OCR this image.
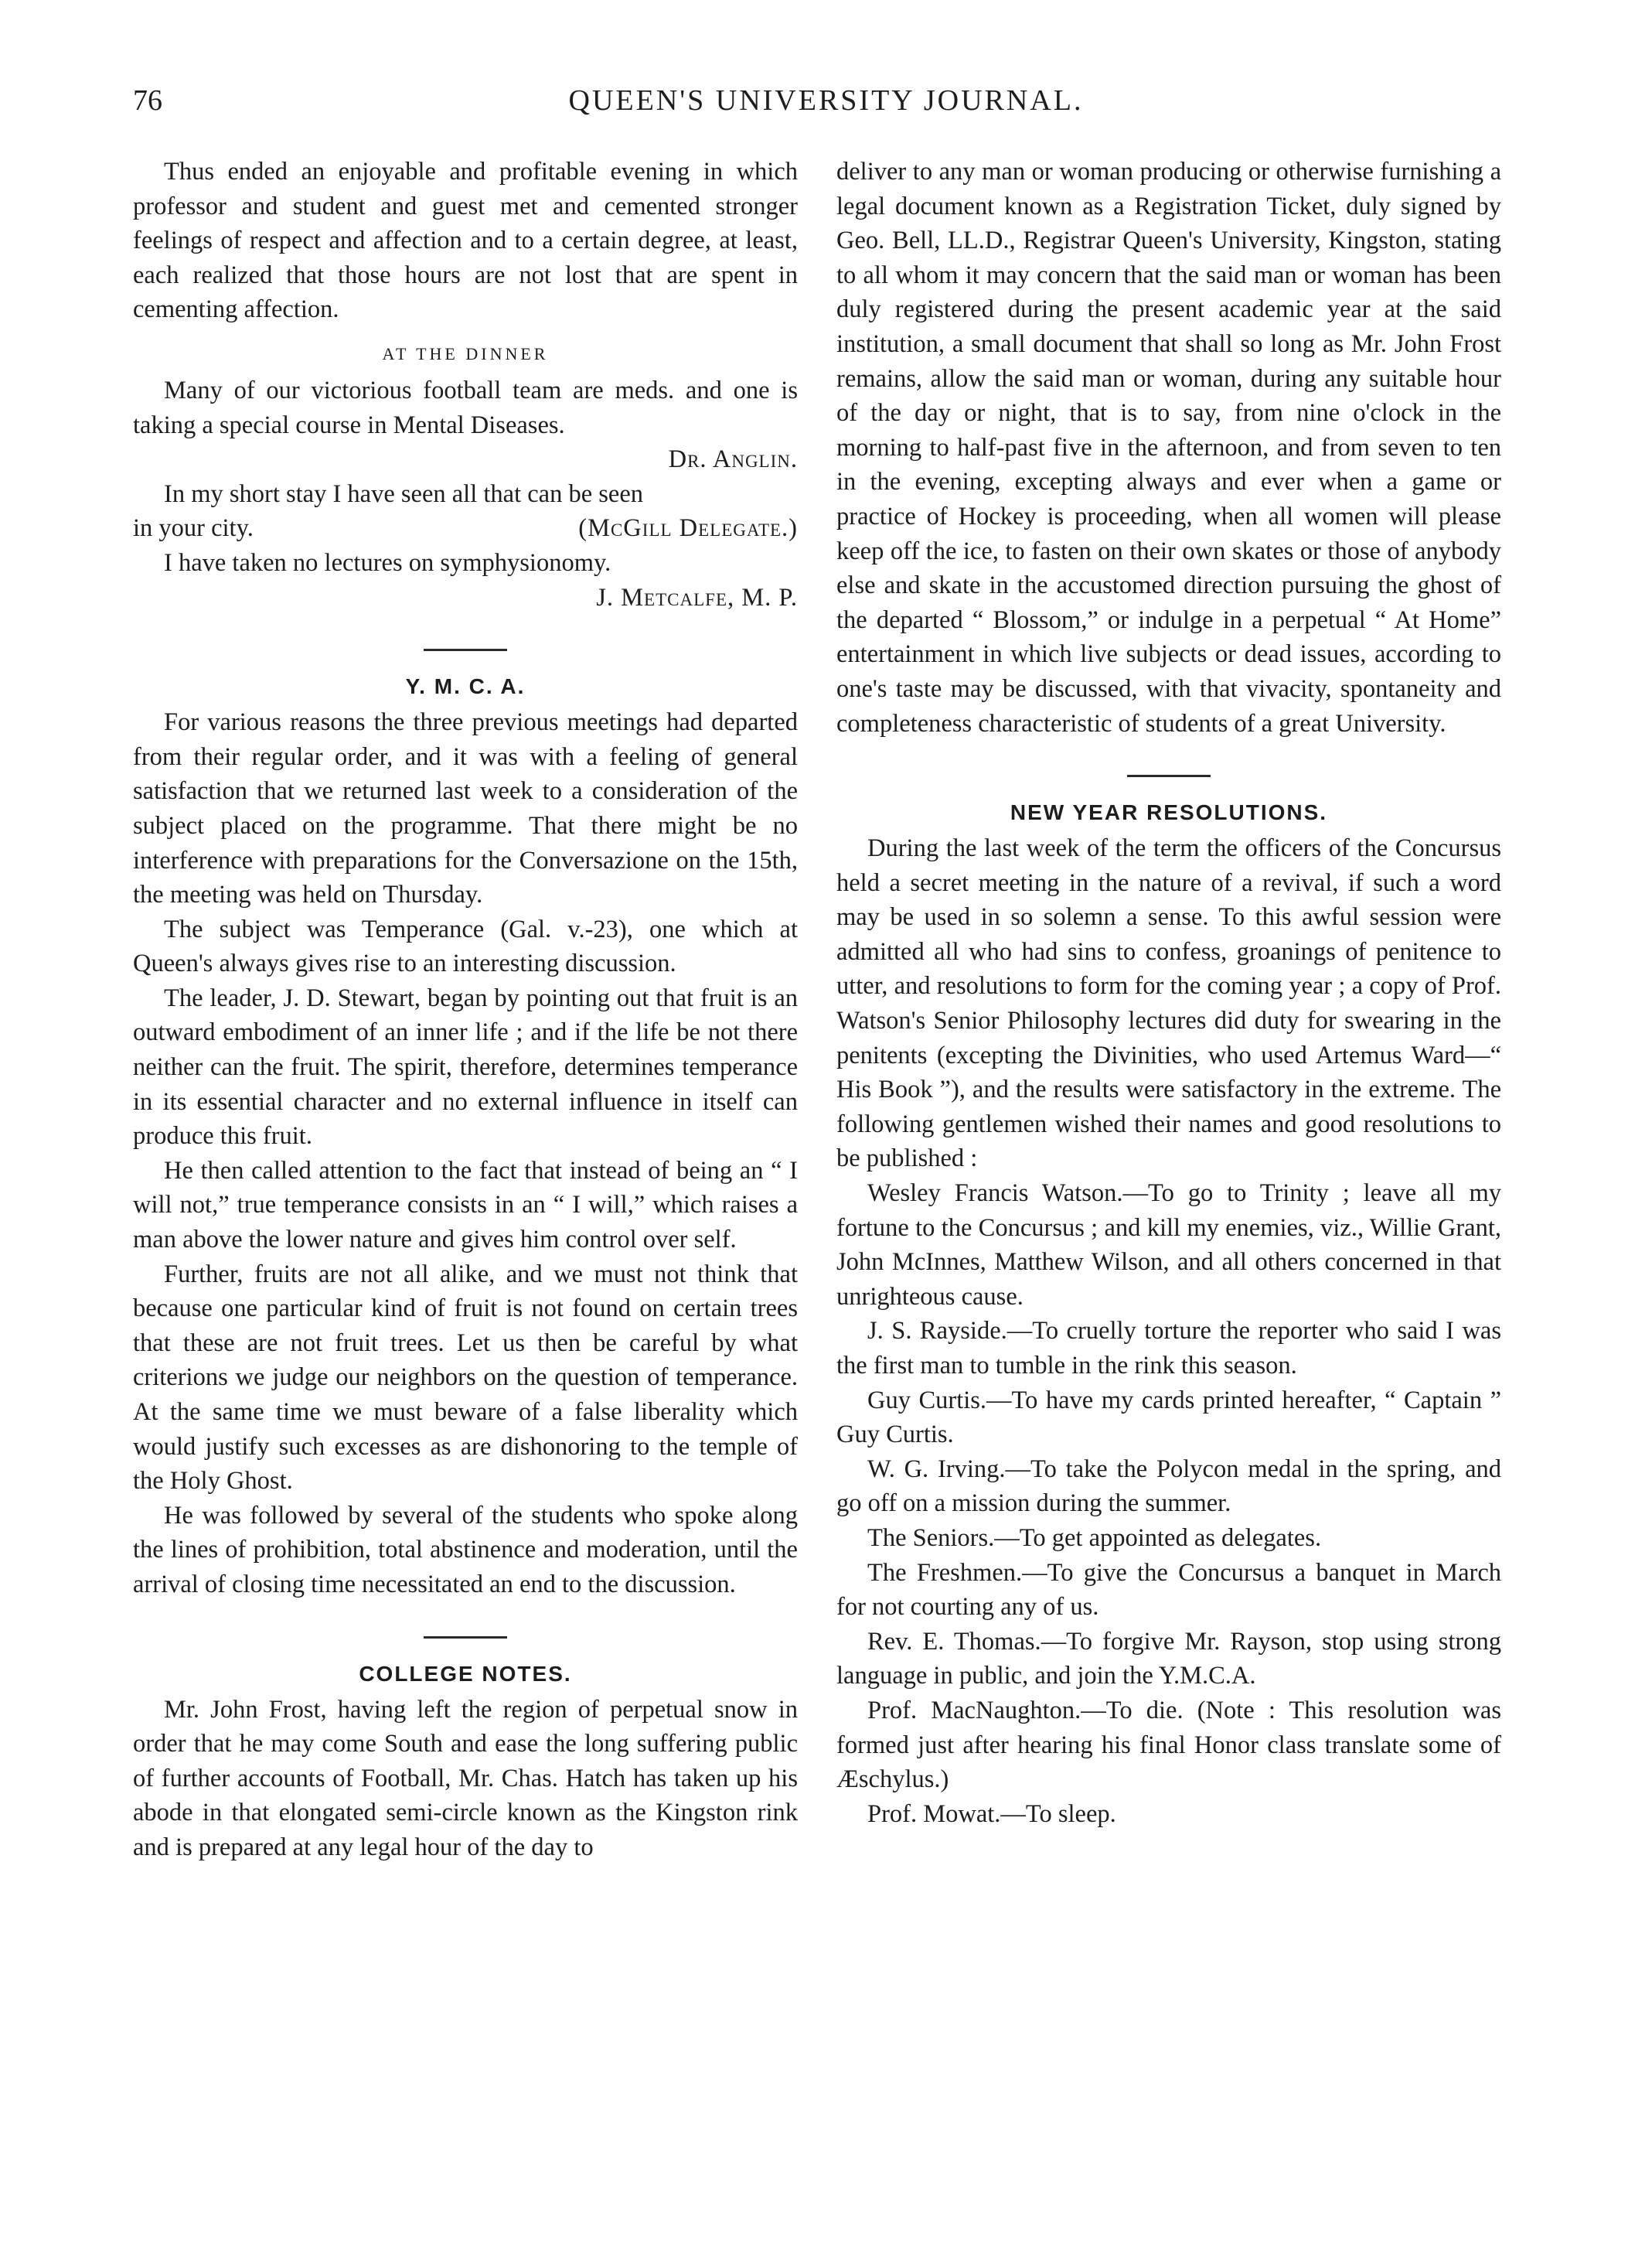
76	QUEEN'S UNIVERSITY JOURNAL.

Thus ended an enjoyable and profitable evening in which professor and student and guest met and cemented stronger feelings of respect and affection and to a certain degree, at least, each realized that those hours are not lost that are spent in cementing affection.

AT THE DINNER

Many of our victorious football team are meds. and one is taking a special course in Mental Diseases.

Dr. Anglin.

In my short stay I have seen all that can be seen

in your city.	(McGill Delegate.)

I have taken no lectures on symphysionomy.

J. Metcalfe, M. P.

Y. M. C. A.

For various reasons the three previous meetings had departed from their regular order, and it was with a feeling of general satisfaction that we returned last week to a consideration of the subject placed on the programme. That there might be no interference with preparations for the Conversazione on the 15th, the meeting was held on Thursday.

The subject was Temperance (Gal. v.-23), one which at Queen's always gives rise to an interesting discussion.

The leader, J. D. Stewart, began by pointing out that fruit is an outward embodiment of an inner life ; and if the life be not there neither can the fruit. The spirit, therefore, determines temperance in its essential character and no external influence in itself can produce this fruit.

He then called attention to the fact that instead of being an “ I will not,” true temperance consists in an “ I will,” which raises a man above the lower nature and gives him control over self.

Further, fruits are not all alike, and we must not think that because one particular kind of fruit is not found on certain trees that these are not fruit trees. Let us then be careful by what criterions we judge our neighbors on the question of temperance. At the same time we must beware of a false liberality which would justify such excesses as are dishonoring to the temple of the Holy Ghost.

He was followed by several of the students who spoke along the lines of prohibition, total abstinence and moderation, until the arrival of closing time necessitated an end to the discussion.

COLLEGE NOTES.

Mr. John Frost, having left the region of perpetual snow in order that he may come South and ease the long suffering public of further accounts of Football, Mr. Chas. Hatch has taken up his abode in that elongated semi-circle known as the Kingston rink and is prepared at any legal hour of the day to

deliver to any man or woman producing or otherwise furnishing a legal document known as a Registration Ticket, duly signed by Geo. Bell, LL.D., Registrar Queen's University, Kingston, stating to all whom it may concern that the said man or woman has been duly registered during the present academic year at the said institution, a small document that shall so long as Mr. John Frost remains, allow the said man or woman, during any suitable hour of the day or night, that is to say, from nine o'clock in the morning to half-past five in the afternoon, and from seven to ten in the evening, excepting always and ever when a game or practice of Hockey is proceeding, when all women will please keep off the ice, to fasten on their own skates or those of anybody else and skate in the accustomed direction pursuing the ghost of the departed “ Blossom,” or indulge in a perpetual “ At Home” entertainment in which live subjects or dead issues, according to one's taste may be discussed, with that vivacity, spontaneity and completeness characteristic of students of a great University.

NEW YEAR RESOLUTIONS.

During the last week of the term the officers of the Concursus held a secret meeting in the nature of a revival, if such a word may be used in so solemn a sense. To this awful session were admitted all who had sins to confess, groanings of penitence to utter, and resolutions to form for the coming year ; a copy of Prof. Watson's Senior Philosophy lectures did duty for swearing in the penitents (excepting the Divinities, who used Artemus Ward—“ His Book ”), and the results were satisfactory in the extreme. The following gentlemen wished their names and good resolutions to be published :

Wesley Francis Watson.—To go to Trinity ; leave all my fortune to the Concursus ; and kill my enemies, viz., Willie Grant, John McInnes, Matthew Wilson, and all others concerned in that unrighteous cause.

J. S. Rayside.—To cruelly torture the reporter who said I was the first man to tumble in the rink this season.

Guy Curtis.—To have my cards printed hereafter, “ Captain ” Guy Curtis.

W. G. Irving.—To take the Polycon medal in the spring, and go off on a mission during the summer.

The Seniors.—To get appointed as delegates.

The Freshmen.—To give the Concursus a banquet in March for not courting any of us.

Rev. E. Thomas.—To forgive Mr. Rayson, stop using strong language in public, and join the Y.M.C.A.

Prof. MacNaughton.—To die. (Note : This resolution was formed just after hearing his final Honor class translate some of Æschylus.)

Prof. Mowat.—To sleep.
